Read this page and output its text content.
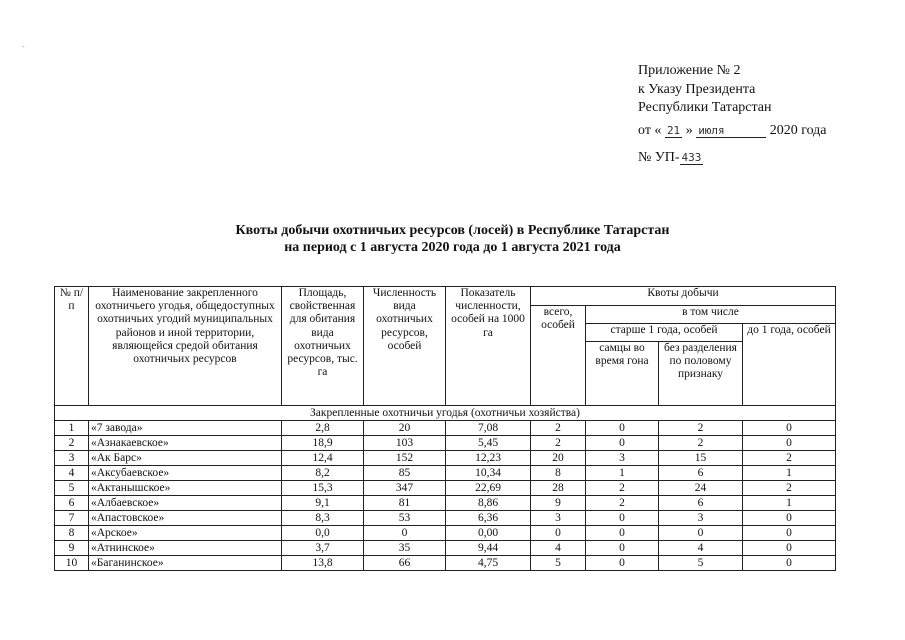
-
Приложение № 2
к Указу Президента
Республики Татарстан
от « 21 » июля	2020 года
№ УП- 433
Квоты добычи охотничьих ресурсов (лосей) в Республике Татарстан
на период с 1 августа 2020 года до 1 августа 2021 года
№ п/п	Наименование закрепленного охотничьего угодья, общедоступных охотничьих угодий муниципальных районов и иной территории, являющейся средой обитания охотничьих ресурсов	Площадь, свойственная для обитания вида охотничьих ресурсов, тыс. га	Численность вида охотничьих ресурсов, особей	Показатель численности, особей на 1000 га	Квоты добычи			
					всего, особей	в том числе		
						старше 1 года, особей		до 1 года, особей
						самцы во время гона	без разделения по половому признаку	
Закрепленные охотничьи угодья (охотничьи хозяйства)								
1	«7 завода»	2,8	20	7,08	2	0	2	0
2	«Азнакаевское»	18,9	103	5,45	2	0	2	0
3	«Ак Барс»	12,4	152	12,23	20	3	15	2
4	«Аксубаевское»	8,2	85	10,34	8	1	6	1
5	«Актанышское»	15,3	347	22,69	28	2	24	2
6	«Албаевское»	9,1	81	8,86	9	2	6	1
7	«Апастовское»	8,3	53	6,36	3	0	3	0
8	«Арское»	0,0	0	0,00	0	0	0	0
9	«Атнинское»	3,7	35	9,44	4	0	4	0
10	«Баганинское»	13,8	66	4,75	5	0	5	0
